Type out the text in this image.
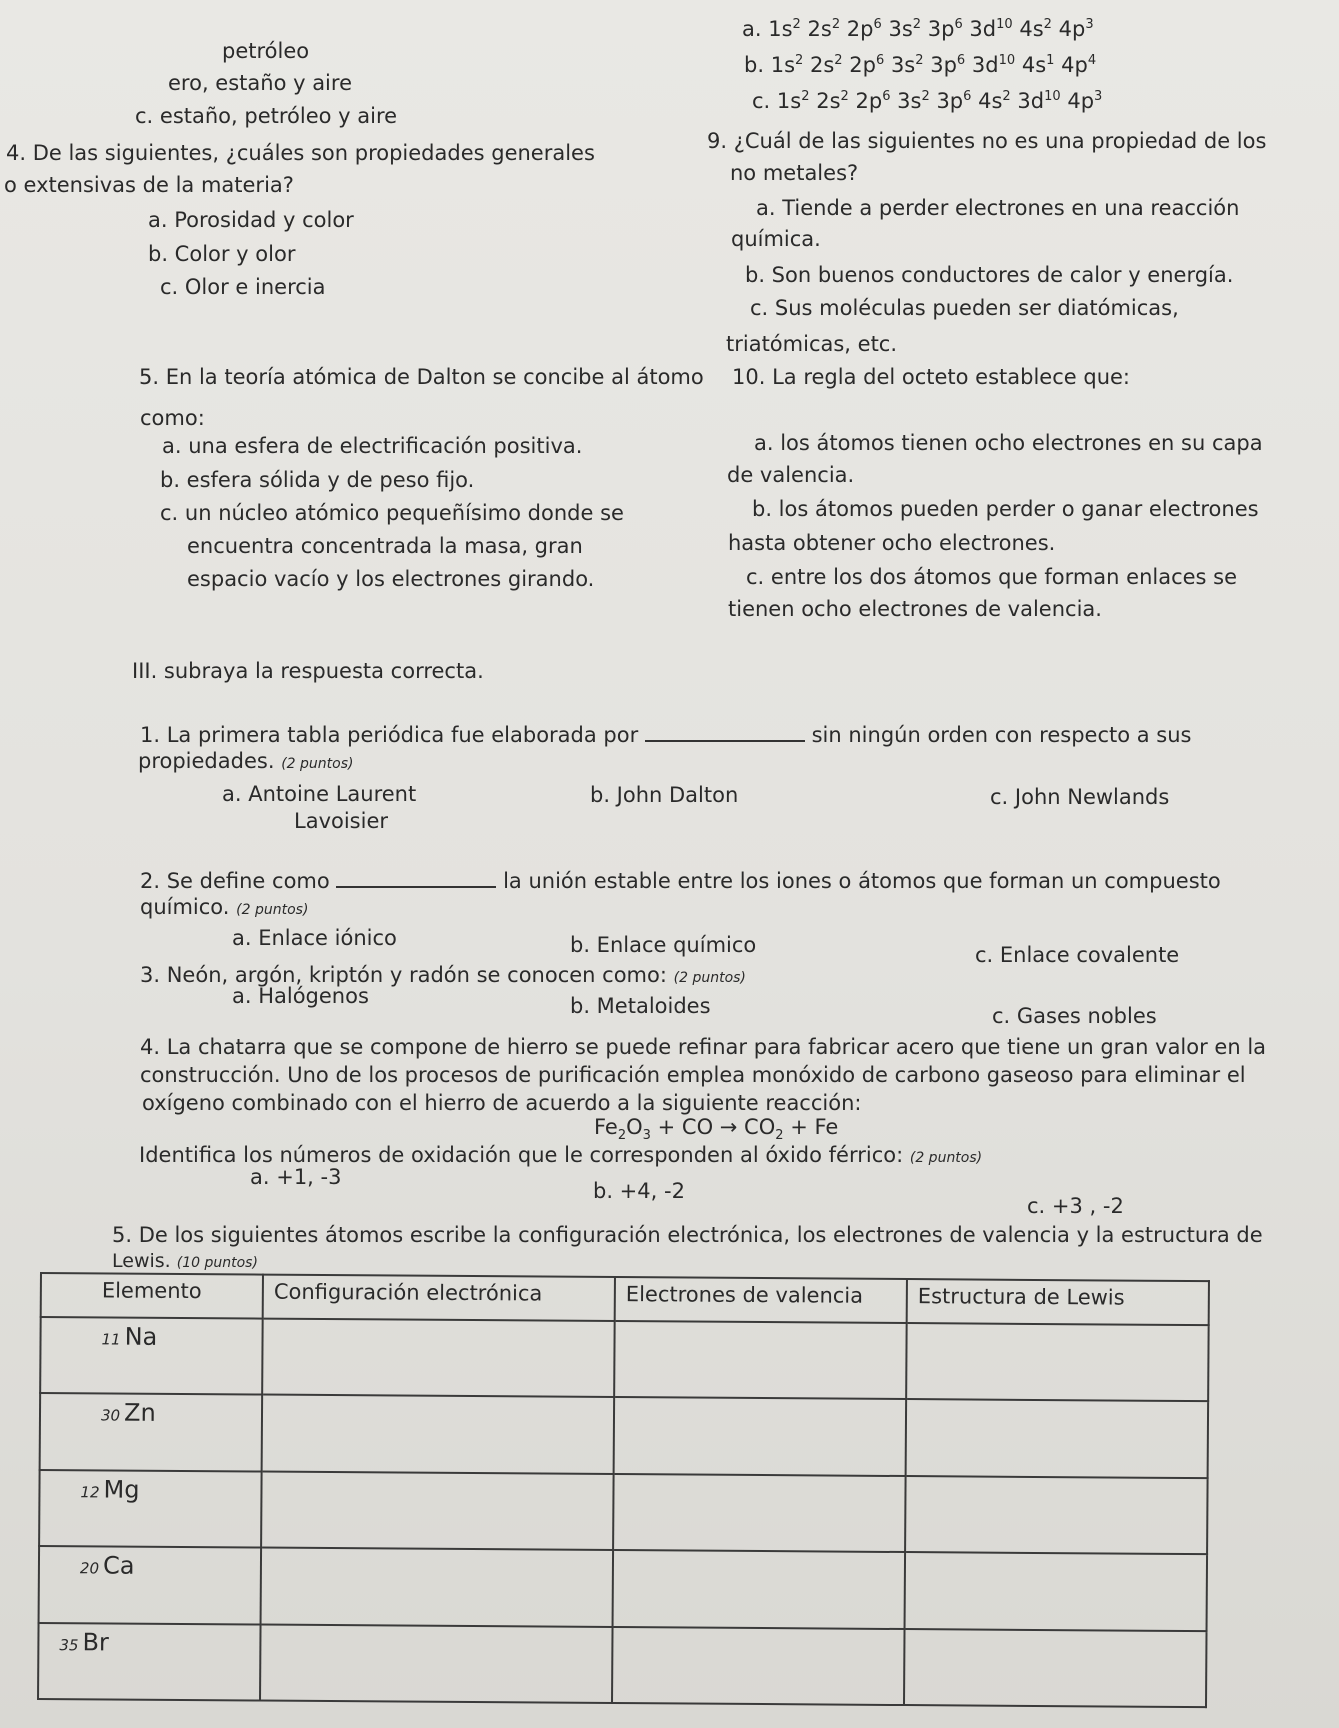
petróleo
ero, estaño y aire
c. estaño, petróleo y aire
4. De las siguientes, ¿cuáles son propiedades generales
o extensivas de la materia?
a. Porosidad y color
b. Color y olor
c. Olor e inercia
a. $1s^2$ $2s^2$ $2p^6$ $3s^2$ $3p^6$ $3d^{10}$ $4s^2$ $4p^3$
b. $1s^2$ $2s^2$ $2p^6$ $3s^2$ $3p^6$ $3d^{10}$ $4s^1$ $4p^4$
c. $1s^2$ $2s^2$ $2p^6$ $3s^2$ $3p^6$ $4s^2$ $3d^{10}$ $4p^3$
9. ¿Cuál de las siguientes no es una propiedad de los
no metales?
a. Tiende a perder electrones en una reacción
química.
b. Son buenos conductores de calor y energía.
c. Sus moléculas pueden ser diatómicas,
triatómicas, etc.
5. En la teoría atómica de Dalton se concibe al átomo
como:
a. una esfera de electrificación positiva.
b. esfera sólida y de peso fijo.
c. un núcleo atómico pequeñísimo donde se
encuentra concentrada la masa, gran
espacio vacío y los electrones girando.
10. La regla del octeto establece que:
a. los átomos tienen ocho electrones en su capa
de valencia.
b. los átomos pueden perder o ganar electrones
hasta obtener ocho electrones.
c. entre los dos átomos que forman enlaces se
tienen ocho electrones de valencia.
III. subraya la respuesta correcta.
1. La primera tabla periódica fue elaborada por	sin ningún orden con respecto a sus
propiedades. (2 puntos)
a. Antoine Laurent
Lavoisier
b. John Dalton	c. John Newlands
2. Se define como	la unión estable entre los iones o átomos que forman un compuesto
químico. (2 puntos)
a. Enlace iónico	b. Enlace químico	c. Enlace covalente
3. Neón, argón, kriptón y radón se conocen como: (2 puntos)
a. Halógenos	b. Metaloides	c. Gases nobles
4. La chatarra que se compone de hierro se puede refinar para fabricar acero que tiene un gran valor en la
construcción. Uno de los procesos de purificación emplea monóxido de carbono gaseoso para eliminar el
oxígeno combinado con el hierro de acuerdo a la siguiente reacción:
$Fe_2O_3$ + CO → $CO_2 + Fe$
Identifica los números de oxidación que le corresponden al óxido férrico: (2 puntos)
a. +1, -3
b. +4, -2
c. +3 , -2
5. De los siguientes átomos escribe la configuración electrónica, los electrones de valencia y la estructura de
Lewis. (10 puntos)
Elemento	Configuración electrónica	Electrones de valencia	Estructura de Lewis
11 Na			
30 Zn			
12 Mg			
20 Ca			
35 Br			
